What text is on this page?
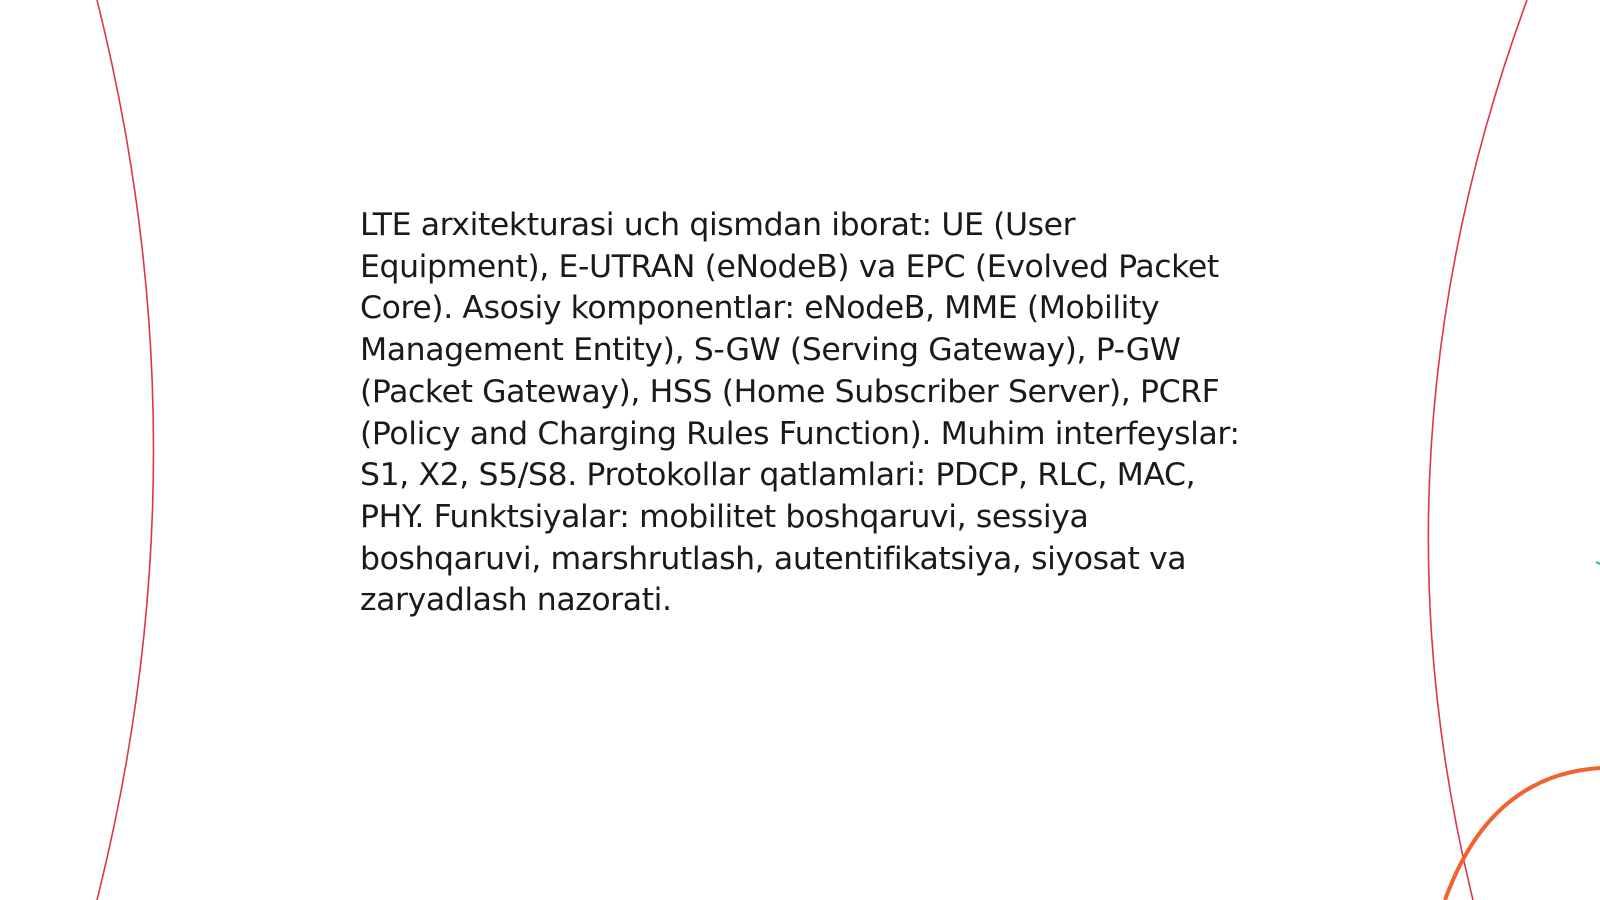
LTE arxitekturasi uch qismdan iborat: UE (User Equipment), E-UTRAN (eNodeB) va EPC (Evolved Packet Core). Asosiy komponentlar: eNodeB, MME (Mobility Management Entity), S-GW (Serving Gateway), P-GW (Packet Gateway), HSS (Home Subscriber Server), PCRF (Policy and Charging Rules Function). Muhim interfeyslar: S1, X2, S5/S8. Protokollar qatlamlari: PDCP, RLC, MAC, PHY. Funktsiyalar: mobilitet boshqaruvi, sessiya boshqaruvi, marshrutlash, autentifikatsiya, siyosat va zaryadlash nazorati.
